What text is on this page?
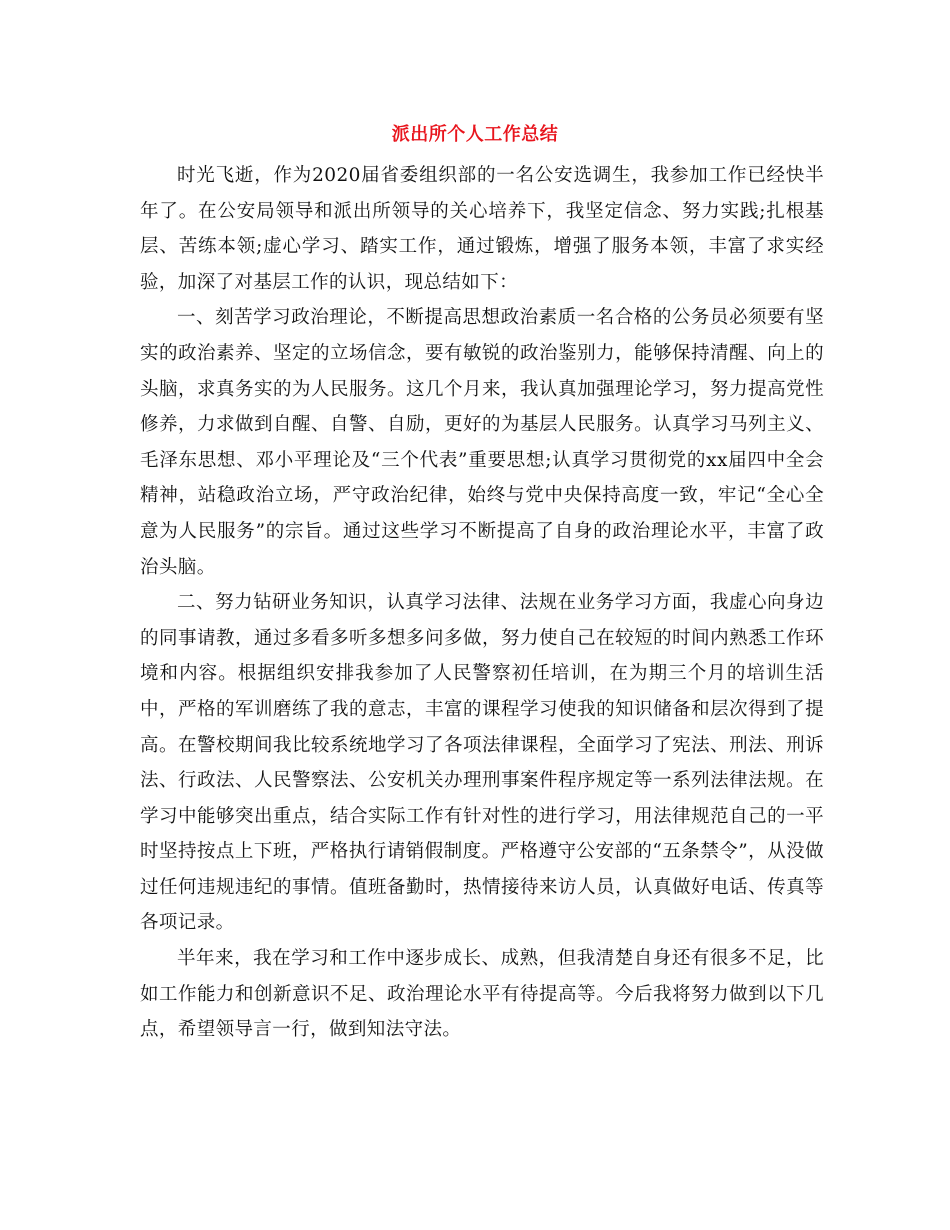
派出所个人工作总结

时光飞逝，作为2020届省委组织部的一名公安选调生，我参加工作已经快半年了。在公安局领导和派出所领导的关心培养下，我坚定信念、努力实践;扎根基层、苦练本领;虚心学习、踏实工作，通过锻炼，增强了服务本领，丰富了求实经验，加深了对基层工作的认识，现总结如下：

一、刻苦学习政治理论，不断提高思想政治素质一名合格的公务员必须要有坚实的政治素养、坚定的立场信念，要有敏锐的政治鉴别力，能够保持清醒、向上的头脑，求真务实的为人民服务。这几个月来，我认真加强理论学习，努力提高党性修养，力求做到自醒、自警、自励，更好的为基层人民服务。认真学习马列主义、毛泽东思想、邓小平理论及“三个代表”重要思想;认真学习贯彻党的xx届四中全会精神，站稳政治立场，严守政治纪律，始终与党中央保持高度一致，牢记“全心全意为人民服务”的宗旨。通过这些学习不断提高了自身的政治理论水平，丰富了政治头脑。

二、努力钻研业务知识，认真学习法律、法规在业务学习方面，我虚心向身边的同事请教，通过多看多听多想多问多做，努力使自己在较短的时间内熟悉工作环境和内容。根据组织安排我参加了人民警察初任培训，在为期三个月的培训生活中，严格的军训磨练了我的意志，丰富的课程学习使我的知识储备和层次得到了提高。在警校期间我比较系统地学习了各项法律课程，全面学习了宪法、刑法、刑诉法、行政法、人民警察法、公安机关办理刑事案件程序规定等一系列法律法规。在学习中能够突出重点，结合实际工作有针对性的进行学习，用法律规范自己的一平时坚持按点上下班，严格执行请销假制度。严格遵守公安部的“五条禁令”，从没做过任何违规违纪的事情。值班备勤时，热情接待来访人员，认真做好电话、传真等各项记录。

半年来，我在学习和工作中逐步成长、成熟，但我清楚自身还有很多不足，比如工作能力和创新意识不足、政治理论水平有待提高等。今后我将努力做到以下几点，希望领导言一行，做到知法守法。
